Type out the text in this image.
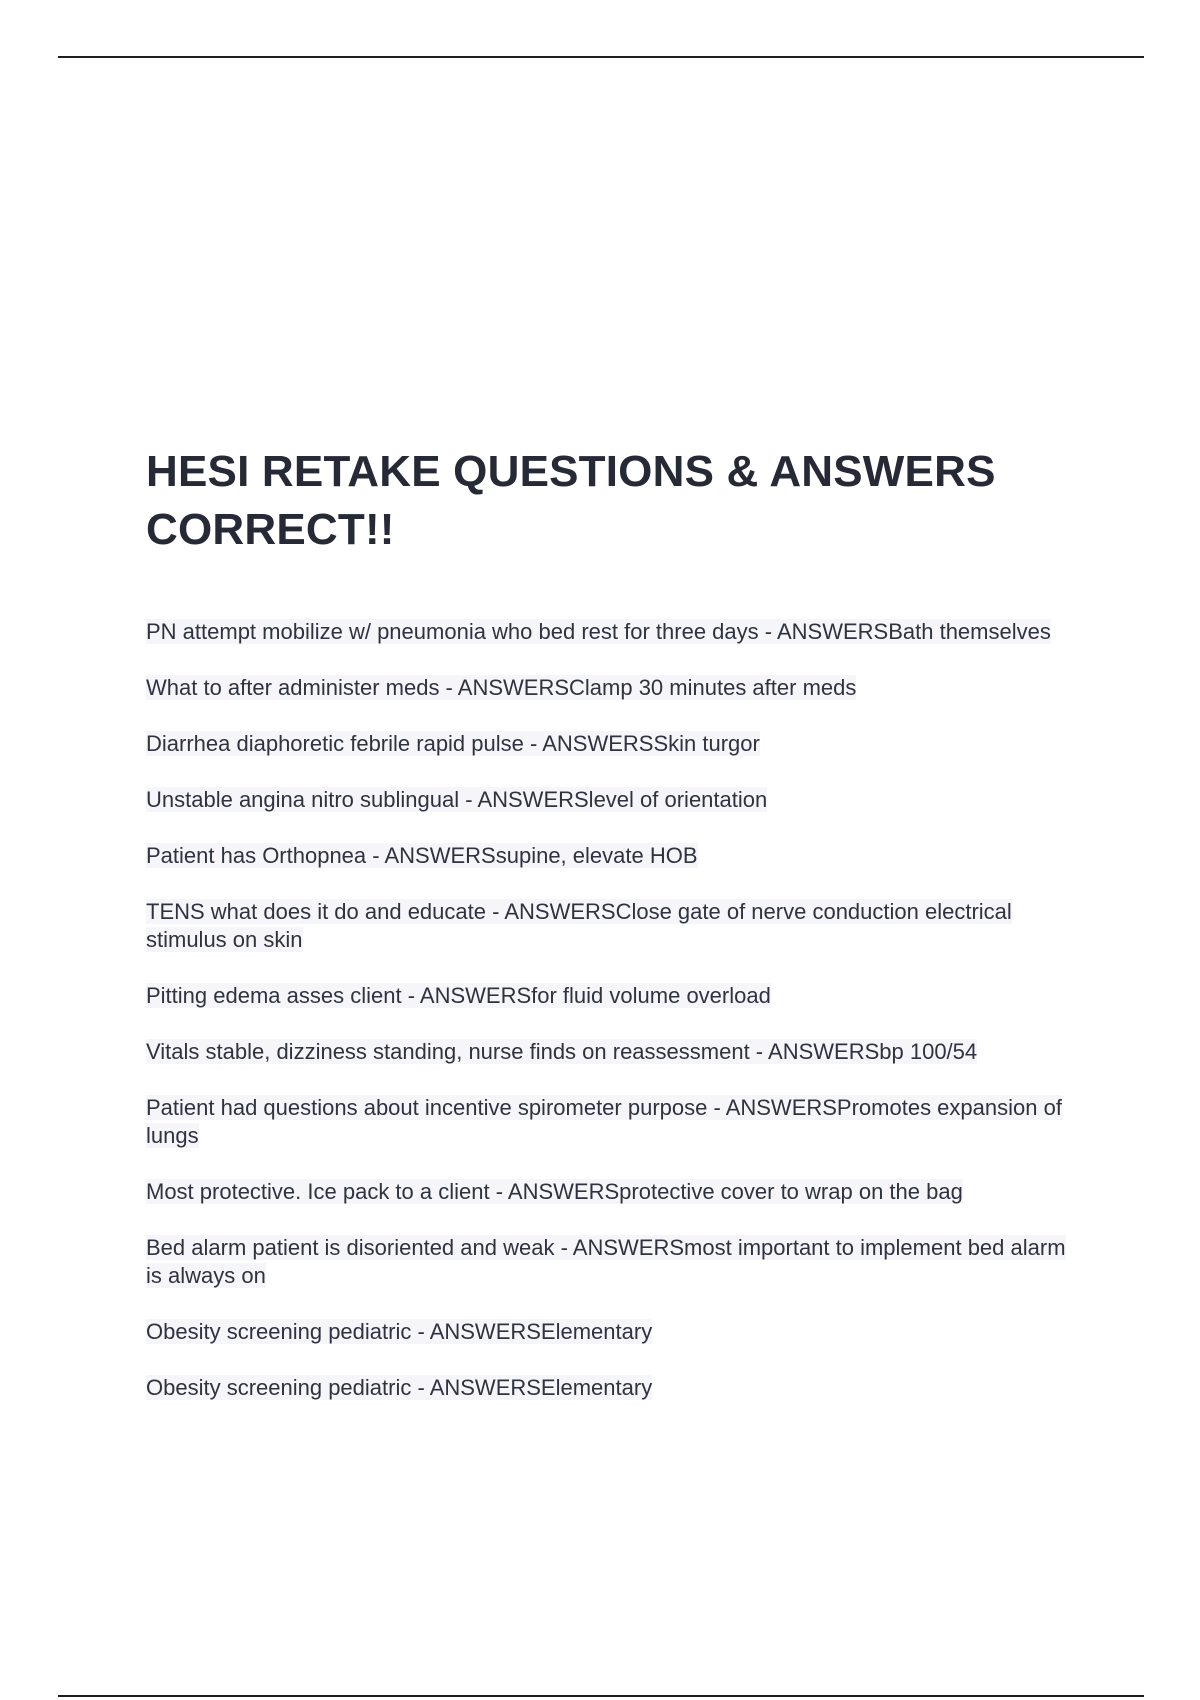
HESI RETAKE QUESTIONS & ANSWERS CORRECT!!

PN attempt mobilize w/ pneumonia who bed rest for three days - ANSWERSBath themselves

What to after administer meds - ANSWERSClamp 30 minutes after meds

Diarrhea diaphoretic febrile rapid pulse - ANSWERSSkin turgor

Unstable angina nitro sublingual - ANSWERSlevel of orientation

Patient has Orthopnea - ANSWERSsupine, elevate HOB

TENS what does it do and educate - ANSWERSClose gate of nerve conduction electrical stimulus on skin

Pitting edema asses client - ANSWERSfor fluid volume overload

Vitals stable, dizziness standing, nurse finds on reassessment - ANSWERSbp 100/54

Patient had questions about incentive spirometer purpose - ANSWERSPromotes expansion of lungs

Most protective. Ice pack to a client - ANSWERSprotective cover to wrap on the bag

Bed alarm patient is disoriented and weak - ANSWERSmost important to implement bed alarm is always on

Obesity screening pediatric - ANSWERSElementary

Obesity screening pediatric - ANSWERSElementary
